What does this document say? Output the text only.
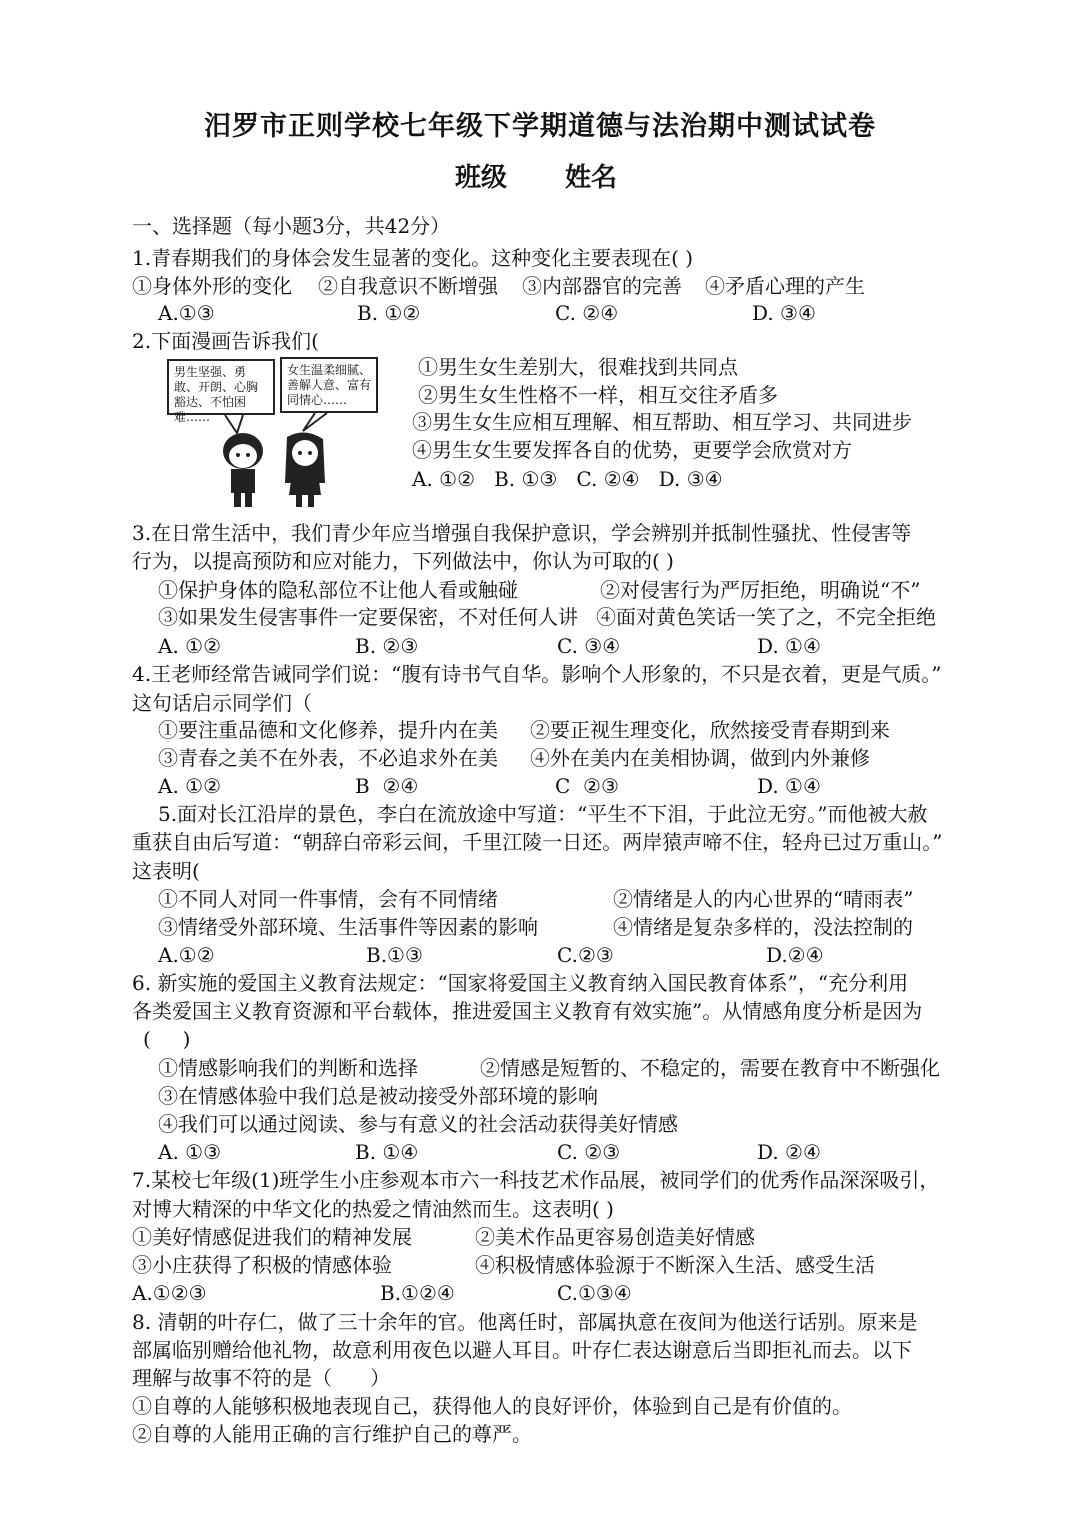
汨罗市正则学校七年级下学期道德与法治期中测试试卷
班级 姓名
一、选择题（每小题3分，共42分）
1.青春期我们的身体会发生显著的变化。这种变化主要表现在( )
①身体外形的变化 ②自我意识不断增强 ③内部器官的完善 ④矛盾心理的产生
A.①③	B. ①②	C. ②④	D. ③④
2.下面漫画告诉我们(
男生坚强、勇敢、开朗、心胸豁达、不怕困难……
女生温柔细腻、善解人意、富有同情心……
①男生女生差别大，很难找到共同点
②男生女生性格不一样，相互交往矛盾多
③男生女生应相互理解、相互帮助、相互学习、共同进步
④男生女生要发挥各自的优势，更要学会欣赏对方
A. ①②   B. ①③   C. ②④   D. ③④
3.在日常生活中，我们青少年应当增强自我保护意识，学会辨别并抵制性骚扰、性侵害等
行为，以提高预防和应对能力，下列做法中，你认为可取的( )
①保护身体的隐私部位不让他人看或触碰	②对侵害行为严厉拒绝，明确说“不”
③如果发生侵害事件一定要保密，不对任何人讲 ④面对黄色笑话一笑了之，不完全拒绝
A. ①②	B. ②③	C. ③④	D. ①④
4.王老师经常告诫同学们说：“腹有诗书气自华。影响个人形象的，不只是衣着，更是气质。”
这句话启示同学们（
①要注重品德和文化修养，提升内在美 ②要正视生理变化，欣然接受青春期到来
③青春之美不在外表，不必追求外在美 ④外在美内在美相协调，做到内外兼修
A. ①②	B  ②④	C  ②③	D. ①④
5.面对长江沿岸的景色，李白在流放途中写道：“平生不下泪，于此泣无穷。”而他被大赦
重获自由后写道：“朝辞白帝彩云间，千里江陵一日还。两岸猿声啼不住，轻舟已过万重山。”
这表明(
①不同人对同一件事情，会有不同情绪	②情绪是人的内心世界的“晴雨表”
③情绪受外部环境、生活事件等因素的影响	④情绪是复杂多样的，没法控制的
A.①②	B.①③	C.②③	D.②④
6. 新实施的爱国主义教育法规定：“国家将爱国主义教育纳入国民教育体系”，“充分利用
各类爱国主义教育资源和平台载体，推进爱国主义教育有效实施”。从情感角度分析是因为
(     )
①情感影响我们的判断和选择	②情感是短暂的、不稳定的，需要在教育中不断强化
③在情感体验中我们总是被动接受外部环境的影响
④我们可以通过阅读、参与有意义的社会活动获得美好情感
A. ①③	B. ①④	C. ②③	D. ②④
7.某校七年级(1)班学生小庄参观本市六一科技艺术作品展，被同学们的优秀作品深深吸引，
对博大精深的中华文化的热爱之情油然而生。这表明( )
①美好情感促进我们的精神发展	②美术作品更容易创造美好情感
③小庄获得了积极的情感体验	④积极情感体验源于不断深入生活、感受生活
A.①②③	B.①②④	C.①③④
8. 清朝的叶存仁，做了三十余年的官。他离任时，部属执意在夜间为他送行话别。原来是
部属临别赠给他礼物，故意利用夜色以避人耳目。叶存仁表达谢意后当即拒礼而去。以下
理解与故事不符的是（      ）
①自尊的人能够积极地表现自己，获得他人的良好评价，体验到自己是有价值的。
②自尊的人能用正确的言行维护自己的尊严。
